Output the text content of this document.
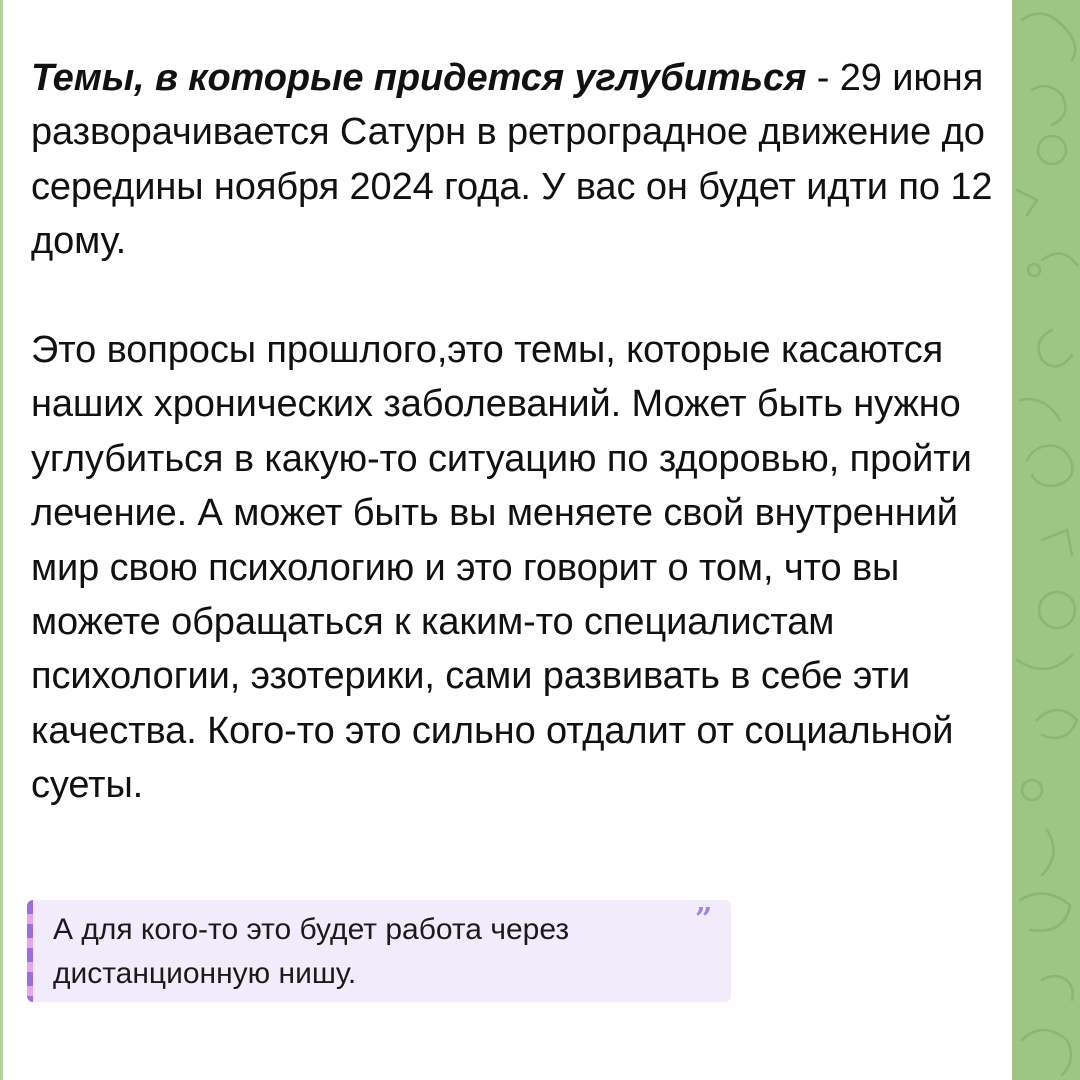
Темы, в которые придется углубиться - 29 июня разворачивается Сатурн в ретроградное движение до середины ноября 2024 года. У вас он будет идти по 12 дому.

Это вопросы прошлого,это темы, которые касаются наших хронических заболеваний. Может быть нужно углубиться в какую-то ситуацию по здоровью, пройти лечение. А может быть вы меняете свой внутренний мир свою психологию и это говорит о том, что вы можете обращаться к каким-то специалистам психологии, эзотерики, сами развивать в себе эти качества. Кого-то это сильно отдалит от социальной суеты.

А для кого-то это будет работа через дистанционную нишу.

”
